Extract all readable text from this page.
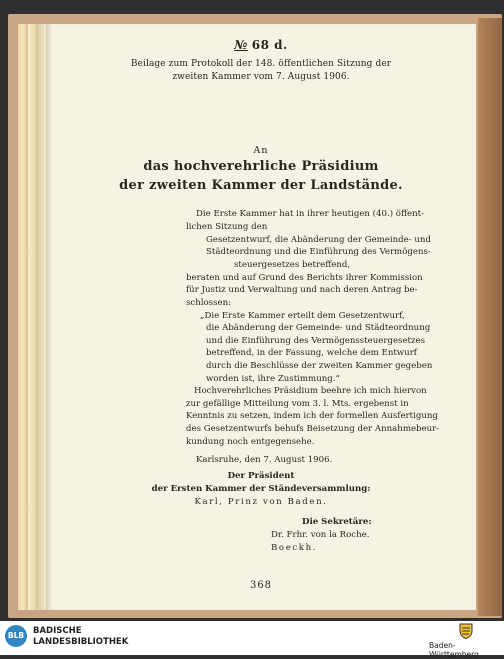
№ 68 d.
Beilage zum Protokoll der 148. öffentlichen Sitzung der
zweiten Kammer vom 7. August 1906.

An
das hochverehrliche Präsidium
der zweiten Kammer der Landstände.
Die Erste Kammer hat in ihrer heutigen (40.) öffent-
lichen Sitzung den
Gesetzentwurf, die Abänderung der Gemeinde- und
Städteordnung und die Einführung des Vermögens-
steuergesetzes betreffend,
beraten und auf Grund des Berichts ihrer Kommission
für Justiz und Verwaltung und nach deren Antrag be-
schlossen:
„Die Erste Kammer erteilt dem Gesetzentwurf,
die Abänderung der Gemeinde- und Städteordnung
und die Einführung des Vermögenssteuergesetzes
betreffend, in der Fassung, welche dem Entwurf
durch die Beschlüsse der zweiten Kammer gegeben
worden ist, ihre Zustimmung.“
Hochverehrliches Präsidium beehre ich mich hiervon
zur gefällige Mitteilung vom 3. l. Mts. ergebenst in
Kenntnis zu setzen, indem ich der formellen Ausfertigung
des Gesetzentwurfs behufs Beisetzung der Annahmebeur-
kundung noch entgegensehe.
Karlsruhe, den 7. August 1906.
Der Präsident
der Ersten Kammer der Ständeversammlung:
Karl, Prinz von Baden.
Die Sekretäre:
Dr. Frhr. von la Roche.
Boeckh.
368
BLB	BADISCHE
LANDESBIBLIOTHEK	Baden-Württemberg
